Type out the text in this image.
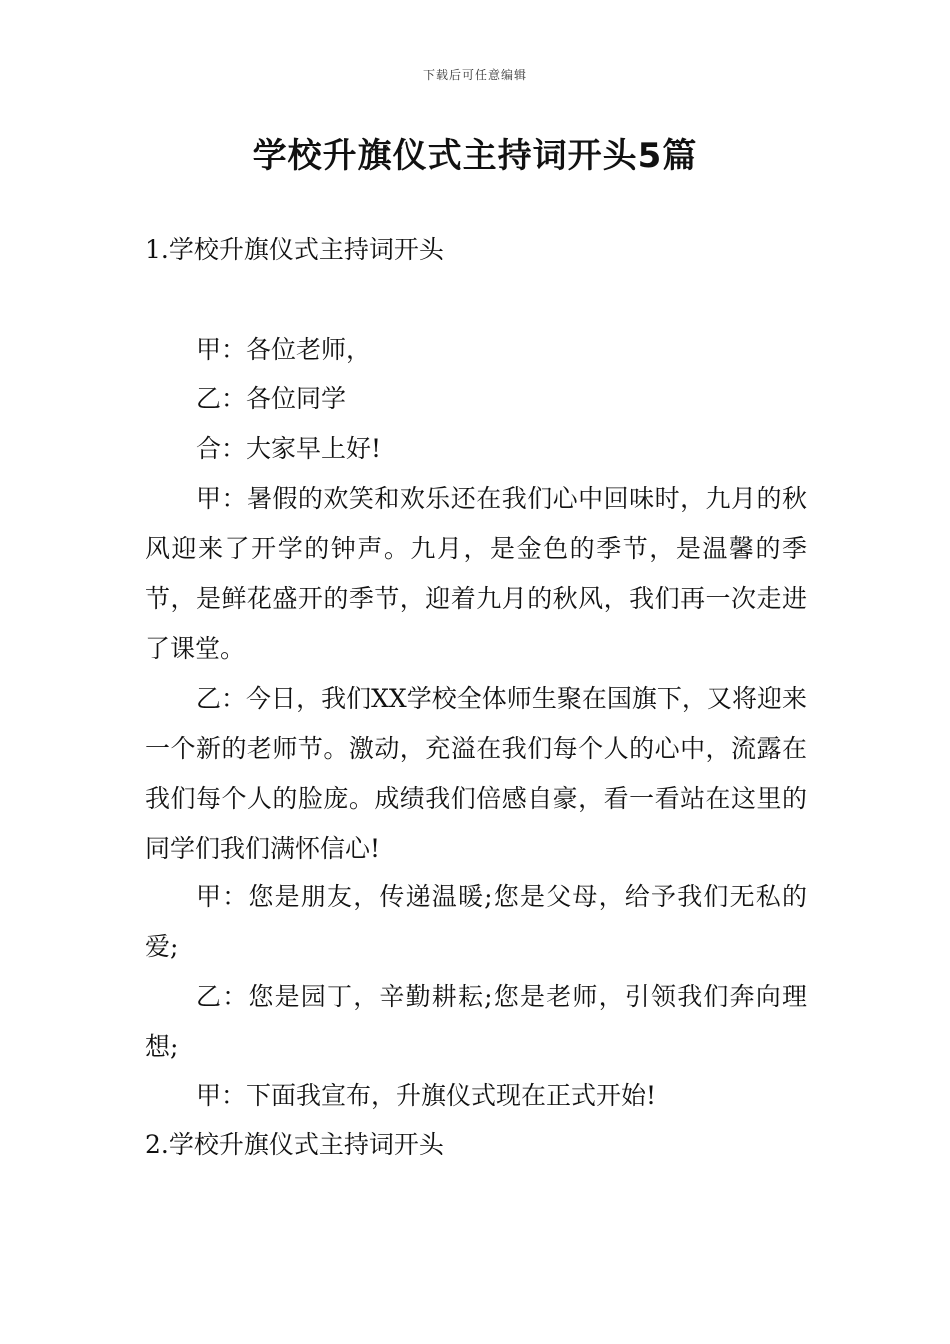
下载后可任意编辑
学校升旗仪式主持词开头5篇
1.学校升旗仪式主持词开头
甲：各位老师，
乙：各位同学
合：大家早上好!
甲：暑假的欢笑和欢乐还在我们心中回味时，九月的秋风迎来了开学的钟声。九月，是金色的季节，是温馨的季节，是鲜花盛开的季节，迎着九月的秋风，我们再一次走进了课堂。
乙：今日，我们XX学校全体师生聚在国旗下，又将迎来一个新的老师节。激动，充溢在我们每个人的心中，流露在我们每个人的脸庞。成绩我们倍感自豪，看一看站在这里的同学们我们满怀信心!
甲：您是朋友，传递温暖;您是父母，给予我们无私的爱;
乙：您是园丁，辛勤耕耘;您是老师，引领我们奔向理想;
甲：下面我宣布，升旗仪式现在正式开始!
2.学校升旗仪式主持词开头
